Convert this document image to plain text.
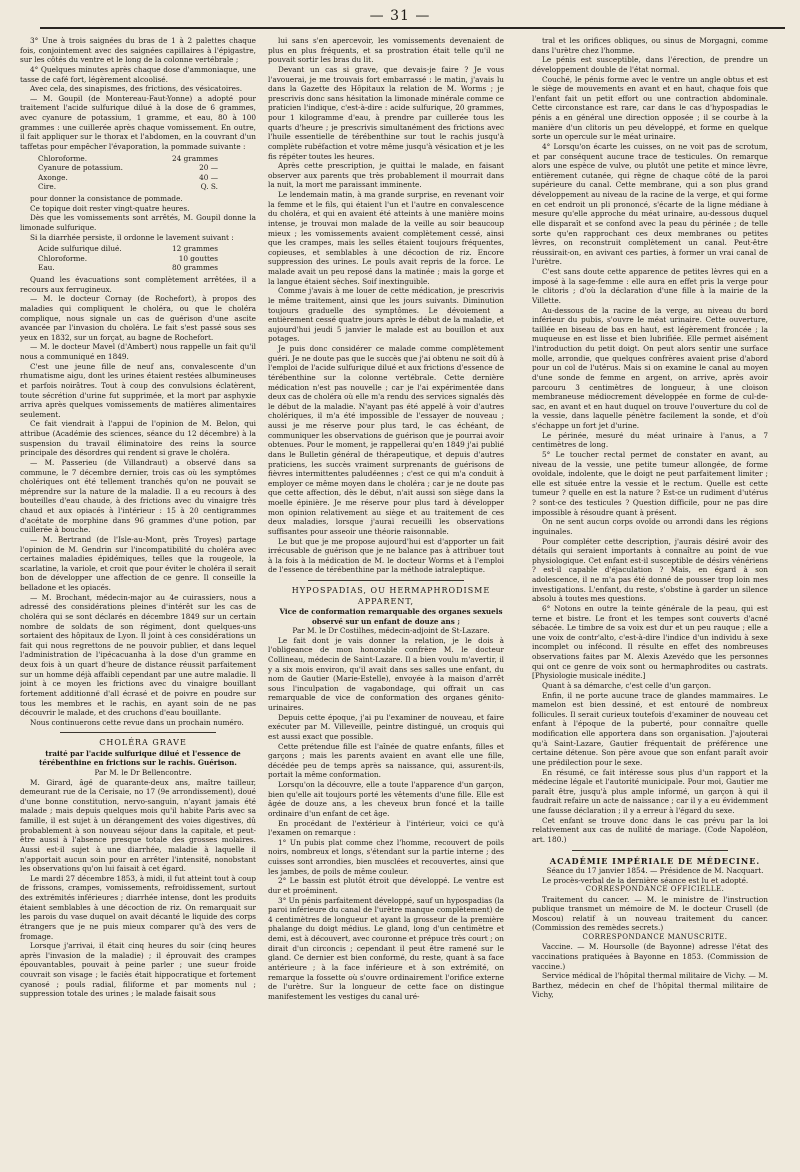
— 31 —

3° Une à trois saignées du bras de 1 à 2 palettes chaque fois, conjointement avec des saignées capillaires à l'épigastre, sur les côtés du ventre et le long de la colonne vertébrale ;

4° Quelques minutes après chaque dose d'ammoniaque, une tasse de café fort, légèrement alcoolisé.

Avec cela, des sinapismes, des frictions, des vésicatoires.

— M. Goupil (de Montereau-Faut-Yonne) a adopté pour traitement l'acide sulfurique dilué à la dose de 6 grammes, avec cyanure de potassium, 1 gramme, et eau, 80 à 100 grammes : une cuillerée après chaque vomissement. En outre, il fait appliquer sur le thorax et l'abdomen, en la couvrant d'un taffetas pour empêcher l'évaporation, la pommade suivante :

Chloroforme.	24 grammes
Cyanure de potassium.	20 —
Axonge.	40 —
Cire.	Q. S.

pour donner la consistance de pommade.

Ce topique doit rester vingt-quatre heures.

Dès que les vomissements sont arrêtés, M. Goupil donne la limonade sulfurique.

Si la diarrhée persiste, il ordonne le lavement suivant :

Acide sulfurique dilué.	12 grammes
Chloroforme.	10 gouttes
Eau.	80 grammes

Quand les évacuations sont complètement arrêtées, il a recours aux ferrugineux.

— M. le docteur Cornay (de Rochefort), à propos des maladies qui compliquent le choléra, ou que le choléra complique, nous signale un cas de guérison d'une ascite avancée par l'invasion du choléra. Le fait s'est passé sous ses yeux en 1832, sur un forçat, au bagne de Rochefort.

— M. le docteur Mavel (d'Ambert) nous rappelle un fait qu'il nous a communiqué en 1849.

C'est une jeune fille de neuf ans, convalescente d'un rhumatisme aigu, dont les urines étaient restées albumineuses et parfois noirâtres. Tout à coup des convulsions éclatèrent, toute sécrétion d'urine fut supprimée, et la mort par asphyxie arriva après quelques vomissements de matières alimentaires seulement.

Ce fait viendrait à l'appui de l'opinion de M. Belon, qui attribue (Académie des sciences, séance du 12 décembre) à la suspension du travail éliminatoire des reins la source principale des désordres qui rendent si grave le choléra.

— M. Passerieu (de Villandraut) a observé dans sa commune, le 7 décembre dernier, trois cas où les symptômes cholériques ont été tellement tranchés qu'on ne pouvait se méprendre sur la nature de la maladie. Il a eu recours à des bouteilles d'eau chaude, à des frictions avec du vinaigre très chaud et aux opiacés à l'intérieur : 15 à 20 centigrammes d'acétate de morphine dans 96 grammes d'une potion, par cuillerée à bouche.

— M. Bertrand (de l'Isle-au-Mont, près Troyes) partage l'opinion de M. Gendrin sur l'incompatibilité du choléra avec certaines maladies épidémiques, telles que la rougeole, la scarlatine, la variole, et croit que pour éviter le choléra il serait bon de développer une affection de ce genre. Il conseille la belladone et les opiacés.

— M. Brochant, médecin-major au 4e cuirassiers, nous a adressé des considérations pleines d'intérêt sur les cas de choléra qui se sont déclarés en décembre 1849 sur un certain nombre de soldats de son régiment, dont quelques-uns sortaient des hôpitaux de Lyon. Il joint à ces considérations un fait qui nous regrettons de ne pouvoir publier, et dans lequel l'administration de l'ipécacuanha à la dose d'un gramme en deux fois à un quart d'heure de distance réussit parfaitement sur un homme déjà affaibli cependant par une autre maladie. Il joint à ce moyen les frictions avec du vinaigre bouillant fortement additionné d'all écrasé et de poivre en poudre sur tous les membres et le rachis, en ayant soin de ne pas découvrir le malade, et des cruchons d'eau bouillante.

Nous continuerons cette revue dans un prochain numéro.

CHOLÉRA GRAVE

traité par l'acide sulfurique dilué et l'essence de térébenthine en frictions sur le rachis. Guérison.

Par M. le Dr Bellencontre.

M. Girard, âgé de quarante-deux ans, maître tailleur, demeurant rue de la Cerisaie, no 17 (9e arrondissement), doué d'une bonne constitution, nervo-sanguin, n'ayant jamais été malade ; mais depuis quelques mois qu'il habite Paris avec sa famille, il est sujet à un dérangement des voies digestives, dû probablement à son nouveau séjour dans la capitale, et peut-être aussi à l'absence presque totale des grosses molaires. Aussi est-il sujet à une diarrhée, maladie à laquelle il n'apportait aucun soin pour en arrêter l'intensité, nonobstant les observations qu'on lui faisait à cet égard.

Le mardi 27 décembre 1853, à midi, il fut atteint tout à coup de frissons, crampes, vomissements, refroidissement, surtout des extrémités inférieures ; diarrhée intense, dont les produits étaient semblables à une décoction de riz. On remarquait sur les parois du vase duquel on avait décanté le liquide des corps étrangers que je ne puis mieux comparer qu'à des vers de fromage.

Lorsque j'arrivai, il était cinq heures du soir (cinq heures après l'invasion de la maladie) ; il éprouvait des crampes épouvantables, pouvait à peine parler ; une sueur froide couvrait son visage ; le faciès était hippocratique et fortement cyanosé ; pouls radial, filiforme et par moments nul ; suppression totale des urines ; le malade faisait sous

lui sans s'en apercevoir, les vomissements devenaient de plus en plus fréquents, et sa prostration était telle qu'il ne pouvait sortir les bras du lit.

Devant un cas si grave, que devais-je faire ? Je vous l'avouerai, je me trouvais fort embarrassé : le matin, j'avais lu dans la Gazette des Hôpitaux la relation de M. Worms ; je prescrivis donc sans hésitation la limonade minérale comme ce praticien l'indique, c'est-à-dire : acide sulfurique, 20 grammes, pour 1 kilogramme d'eau, à prendre par cuillerée tous les quarts d'heure ; je prescrivis simultanément des frictions avec l'huile essentielle de térébenthine sur tout le rachis jusqu'à complète rubéfaction et votre même jusqu'à vésication et je les fis répéter toutes les heures.

Après cette prescription, je quittai le malade, en faisant observer aux parents que très probablement il mourrait dans la nuit, la mort me paraissant imminente.

Le lendemain matin, à ma grande surprise, en revenant voir la femme et le fils, qui étaient l'un et l'autre en convalescence du choléra, et qui en avaient été atteints à une manière moins intense, je trouvai mon malade de la veille au soir beaucoup mieux ; les vomissements avaient complètement cessé, ainsi que les crampes, mais les selles étaient toujours fréquentes, copieuses, et semblables à une décoction de riz. Encore suppression des urines. Le pouls avait repris de la force. Le malade avait un peu reposé dans la matinée ; mais la gorge et la langue étaient sèches. Soif inextinguible.

Comme j'avais à me louer de cette médication, je prescrivis le même traitement, ainsi que les jours suivants. Diminution toujours graduelle des symptômes. Le dévoiement a entièrement cessé quatre jours après le début de la maladie, et aujourd'hui jeudi 5 janvier le malade est au bouillon et aux potages.

Je puis donc considérer ce malade comme complètement guéri. Je ne doute pas que le succès que j'ai obtenu ne soit dû à l'emploi de l'acide sulfurique dilué et aux frictions d'essence de térébenthine sur la colonne vertébrale. Cette dernière médication n'est pas nouvelle ; car je l'ai expérimentée dans deux cas de choléra où elle m'a rendu des services signalés dès le début de la maladie. N'ayant pas été appelé à voir d'autres cholériques, il m'a été impossible de l'essayer de nouveau ; aussi je me réserve pour plus tard, le cas échéant, de communiquer les observations de guérison que je pourrai avoir obtenues. Pour le moment, je rappellerai qu'en 1849 j'ai publié dans le Bulletin général de thérapeutique, et depuis d'autres praticiens, les succès vraiment surprenants de guérisons de fièvres intermittentes paludéennes ; c'est ce qui m'a conduit à employer ce même moyen dans le choléra ; car je ne doute pas que cette affection, dès le début, n'ait aussi son siège dans la moelle épinière. Je me réserve pour plus tard à développer mon opinion relativement au siège et au traitement de ces deux maladies, lorsque j'aurai recueilli les observations suffisantes pour asseoir une théorie raisonnable.

Le but que je me propose aujourd'hui est d'apporter un fait irrécusable de guérison que je ne balance pas à attribuer tout à la fois à la médication de M. le docteur Worms et à l'emploi de l'essence de térébenthine par la méthode iatraleptique.

HYPOSPADIAS, OU HERMAPHRODISME APPARENT,

Vice de conformation remarquable des organes sexuels observé sur un enfant de douze ans ;

Par M. le Dr Costilhes, médecin-adjoint de St-Lazare.

Le fait dont je vais donner la relation, je le dois à l'obligeance de mon honorable confrère M. le docteur Collineau, médecin de Saint-Lazare. Il a bien voulu m'avertir, il y a six mois environ, qu'il avait dans ses salles une enfant, du nom de Gautier (Marie-Estelle), envoyée à la maison d'arrêt sous l'inculpation de vagabondage, qui offrait un cas remarquable de vice de conformation des organes génito-urinaires.

Depuis cette époque, j'ai pu l'examiner de nouveau, et faire exécuter par M. Villeveille, peintre distingué, un croquis qui est aussi exact que possible.

Cette prétendue fille est l'aînée de quatre enfants, filles et garçons ; mais les parents avaient en avant elle une fille, décédée peu de temps après sa naissance, qui, assurent-ils, portait la même conformation.

Lorsqu'on la découvre, elle a toute l'apparence d'un garçon, bien qu'elle ait toujours porté les vêtements d'une fille. Elle est âgée de douze ans, a les cheveux brun foncé et la taille ordinaire d'un enfant de cet âge.

En procédant de l'extérieur à l'intérieur, voici ce qu'à l'examen on remarque :

1° Un pubis plat comme chez l'homme, recouvert de poils noirs, nombreux et longs, s'étendant sur la partie interne ; des cuisses sont arrondies, bien musclées et recouvertes, ainsi que les jambes, de poils de même couleur.

2° Le bassin est plutôt étroit que développé. Le ventre est dur et proéminent.

3° Un pénis parfaitement développé, sauf un hypospadias (la paroi inférieure du canal de l'urètre manque complètement) de 4 centimètres de longueur et ayant la grosseur de la première phalange du doigt médius. Le gland, long d'un centimètre et demi, est à découvert, avec couronne et prépuce très court ; on dirait d'un circoncis ; cependant il peut être ramené sur le gland. Ce dernier est bien conformé, du reste, quant à sa face antérieure ; à la face inférieure et à son extrémité, on remarque la fossette où s'ouvre ordinairement l'orifice externe de l'urètre. Sur la longueur de cette face on distingue manifestement les vestiges du canal uré-

tral et les orifices obliques, ou sinus de Morgagni, comme dans l'urètre chez l'homme.

Le pénis est susceptible, dans l'érection, de prendre un développement double de l'état normal.

Couché, le pénis forme avec le ventre un angle obtus et est le siège de mouvements en avant et en haut, chaque fois que l'enfant fait un petit effort ou une contraction abdominale. Cette circonstance est rare, car dans le cas d'hypospadias le pénis a en général une direction opposée ; il se courbe à la manière d'un clitoris un peu développé, et forme en quelque sorte un opercule sur le méat urinaire.

4° Lorsqu'on écarte les cuisses, on ne voit pas de scrotum, et par conséquent aucune trace de testicules. On remarque alors une espèce de vulve, ou plutôt une petite et mince lèvre, entièrement cutanée, qui règne de chaque côté de la paroi supérieure du canal. Cette membrane, qui a son plus grand développement au niveau de la racine de la verge, et qui forme en cet endroit un pli prononcé, s'écarte de la ligne médiane à mesure qu'elle approche du méat urinaire, au-dessous duquel elle disparaît et se confond avec la peau du périnée ; de telle sorte qu'en rapprochant ces deux membranes ou petites lèvres, on reconstruit complètement un canal. Peut-être réussirait-on, en avivant ces parties, à former un vrai canal de l'urètre.

C'est sans doute cette apparence de petites lèvres qui en a imposé à la sage-femme : elle aura en effet pris la verge pour le clitoris ; d'où la déclaration d'une fille à la mairie de la Villette.

Au-dessous de la racine de la verge, au niveau du bord inférieur du pubis, s'ouvre le méat urinaire. Cette ouverture, taillée en biseau de bas en haut, est légèrement froncée ; la muqueuse en est lisse et bien lubrifiée. Elle permet aisément l'introduction du petit doigt. On peut alors sentir une surface molle, arrondie, que quelques confrères avaient prise d'abord pour un col de l'utérus. Mais si on examine le canal au moyen d'une sonde de femme en argent, on arrive, après avoir parcouru 3 centimètres de longueur, à une cloison membraneuse médiocrement développée en forme de cul-de-sac, en avant et en haut duquel on trouve l'ouverture du col de la vessie, dans laquelle pénètre facilement la sonde, et d'où s'échappe un fort jet d'urine.

Le périnée, mesuré du méat urinaire à l'anus, a 7 centimètres de long.

5° Le toucher rectal permet de constater en avant, au niveau de la vessie, une petite tumeur allongée, de forme ovoïdale, indolente, que le doigt ne peut parfaitement limiter ; elle est située entre la vessie et le rectum. Quelle est cette tumeur ? quelle en est la nature ? Est-ce un rudiment d'utérus ? sont-ce des testicules ? Question difficile, pour ne pas dire impossible à résoudre quant à présent.

On ne sent aucun corps ovoïde ou arrondi dans les régions inguinales.

Pour compléter cette description, j'aurais désiré avoir des détails qui seraient importants à connaître au point de vue physiologique. Cet enfant est-il susceptible de désirs vénériens ? est-il capable d'éjaculation ? Mais, en égard à son adolescence, il ne m'a pas été donné de pousser trop loin mes investigations. L'enfant, du reste, s'obstine à garder un silence absolu à toutes mes questions.

6° Notons en outre la teinte générale de la peau, qui est terne et bistre. Le front et les tempes sont couverts d'acné sébacée. Le timbre de sa voix est dur et un peu rauque ; elle a une voix de contr'alto, c'est-à-dire l'indice d'un individu à sexe incomplet ou infécond. Il résulte en effet des nombreuses observations faites par M. Alexis Azevédo que les personnes qui ont ce genre de voix sont ou hermaphrodites ou castrats. [Physiologie musicale inédite.]

Quant à sa démarche, c'est celle d'un garçon.

Enfin, il ne porte aucune trace de glandes mammaires. Le mamelon est bien dessiné, et est entouré de nombreux follicules. Il serait curieux toutefois d'examiner de nouveau cet enfant à l'époque de la puberté, pour connaître quelle modification elle apportera dans son organisation. J'ajouterai qu'à Saint-Lazare, Gautier fréquentait de préférence une certaine détenue. Son père avoue que son enfant paraît avoir une prédilection pour le sexe.

En résumé, ce fait intéresse sous plus d'un rapport et la médecine légale et l'autorité municipale. Pour moi, Gautier me paraît être, jusqu'à plus ample informé, un garçon à qui il faudrait refaire un acte de naissance ; car il y a eu évidemment une fausse déclaration ; il y a erreur à l'égard du sexe.

Cet enfant se trouve donc dans le cas prévu par la loi relativement aux cas de nullité de mariage. (Code Napoléon, art. 180.)

ACADÉMIE IMPÉRIALE DE MÉDECINE.

Séance du 17 janvier 1854. — Présidence de M. Nacquart.

Le procès-verbal de la dernière séance est lu et adopté.

CORRESPONDANCE OFFICIELLE.

Traitement du cancer. — M. le ministre de l'instruction publique transmet un mémoire de M. le docteur Crusell (de Moscou) relatif à un nouveau traitement du cancer. (Commission des remèdes secrets.)

CORRESPONDANCE MANUSCRITE.

Vaccine. — M. Hoursolle (de Bayonne) adresse l'état des vaccinations pratiquées à Bayonne en 1853. (Commission de vaccine.)

Service médical de l'hôpital thermal militaire de Vichy. — M. Barthez, médecin en chef de l'hôpital thermal militaire de Vichy,
